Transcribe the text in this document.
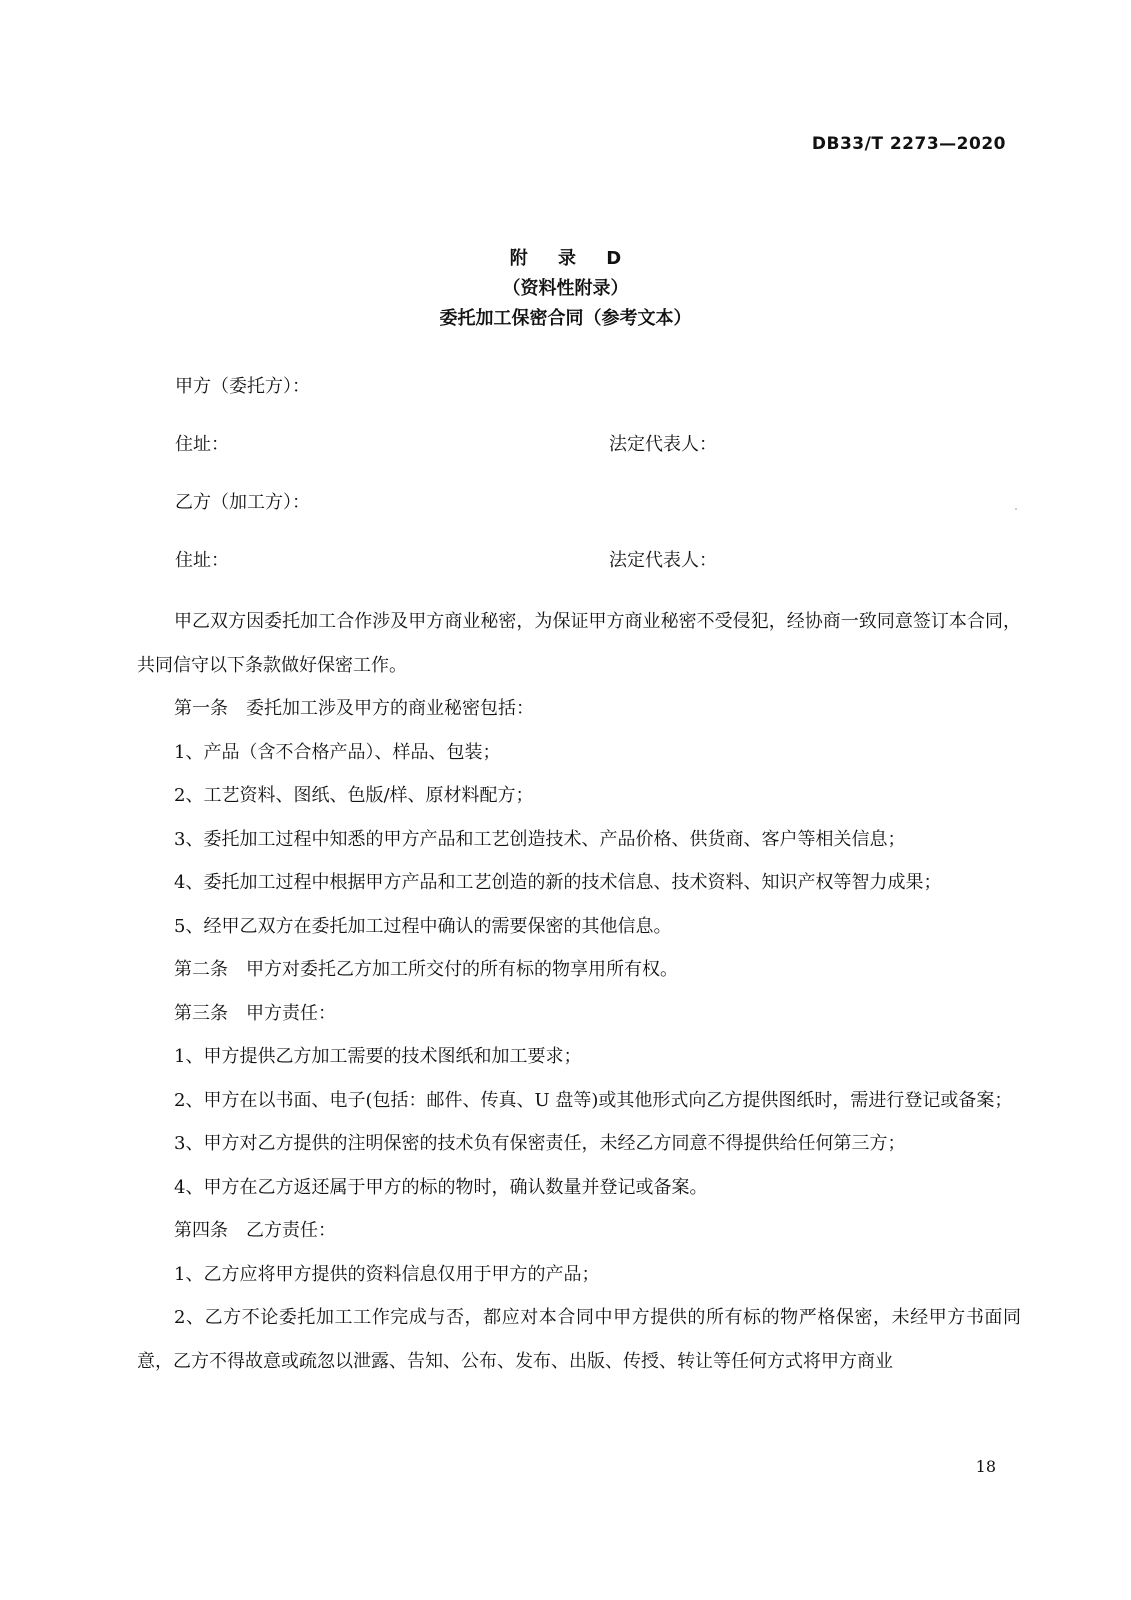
DB33/T 2273—2020
附 录 D
（资料性附录）
委托加工保密合同（参考文本）
甲方（委托方）：
住址：	法定代表人：
乙方（加工方）：
住址：	法定代表人：

甲乙双方因委托加工合作涉及甲方商业秘密，为保证甲方商业秘密不受侵犯，经协商一致同意签订本合同，共同信守以下条款做好保密工作。

第一条　委托加工涉及甲方的商业秘密包括：

1、产品（含不合格产品）、样品、包装；

2、工艺资料、图纸、色版/样、原材料配方；

3、委托加工过程中知悉的甲方产品和工艺创造技术、产品价格、供货商、客户等相关信息；

4、委托加工过程中根据甲方产品和工艺创造的新的技术信息、技术资料、知识产权等智力成果；

5、经甲乙双方在委托加工过程中确认的需要保密的其他信息。

第二条　甲方对委托乙方加工所交付的所有标的物享用所有权。

第三条　甲方责任：

1、甲方提供乙方加工需要的技术图纸和加工要求；

2、甲方在以书面、电子(包括：邮件、传真、U 盘等)或其他形式向乙方提供图纸时，需进行登记或备案；

3、甲方对乙方提供的注明保密的技术负有保密责任，未经乙方同意不得提供给任何第三方；

4、甲方在乙方返还属于甲方的标的物时，确认数量并登记或备案。

第四条　乙方责任：

1、乙方应将甲方提供的资料信息仅用于甲方的产品；

2、乙方不论委托加工工作完成与否，都应对本合同中甲方提供的所有标的物严格保密，未经甲方书面同意，乙方不得故意或疏忽以泄露、告知、公布、发布、出版、传授、转让等任何方式将甲方商业

18
